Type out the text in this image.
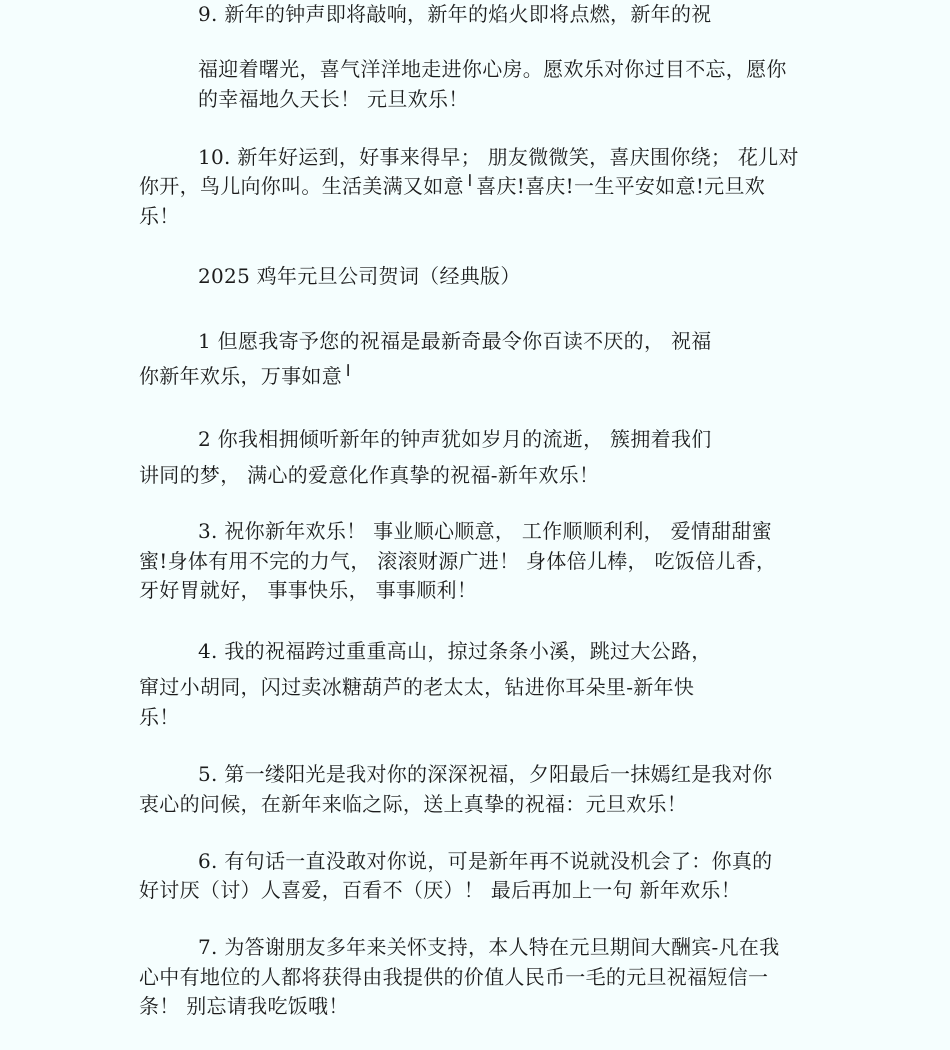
9. 新年的钟声即将敲响，新年的焰火即将点燃，新年的祝
福迎着曙光，喜气洋洋地走进你心房。愿欢乐对你过目不忘，愿你
的幸福地久天长！ 元旦欢乐！
10. 新年好运到，好事来得早； 朋友微微笑，喜庆围你绕； 花儿对
你开，鸟儿向你叫。生活美满又如意╵喜庆!喜庆!一生平安如意!元旦欢
乐！
2025 鸡年元旦公司贺词（经典版）
1 但愿我寄予您的祝福是最新奇最令你百读不厌的， 祝福
你新年欢乐，万事如意╵
2 你我相拥倾听新年的钟声犹如岁月的流逝， 簇拥着我们
讲同的梦， 满心的爱意化作真挚的祝福-新年欢乐！
3. 祝你新年欢乐！ 事业顺心顺意， 工作顺顺利利， 爱情甜甜蜜
蜜!身体有用不完的力气， 滚滚财源广进！ 身体倍儿棒， 吃饭倍儿香，
牙好胃就好， 事事快乐， 事事顺利！
4. 我的祝福跨过重重高山，掠过条条小溪，跳过大公路，
窜过小胡同，闪过卖冰糖葫芦的老太太，钻进你耳朵里-新年快
乐！
5. 第一缕阳光是我对你的深深祝福，夕阳最后一抹嫣红是我对你
衷心的问候，在新年来临之际，送上真挚的祝福：元旦欢乐！
6. 有句话一直没敢对你说，可是新年再不说就没机会了：你真的
好讨厌（讨）人喜爱，百看不（厌）！ 最后再加上一句 新年欢乐！
7. 为答谢朋友多年来关怀支持，本人特在元旦期间大酬宾-凡在我
心中有地位的人都将获得由我提供的价值人民币一毛的元旦祝福短信一
条！ 别忘请我吃饭哦！
